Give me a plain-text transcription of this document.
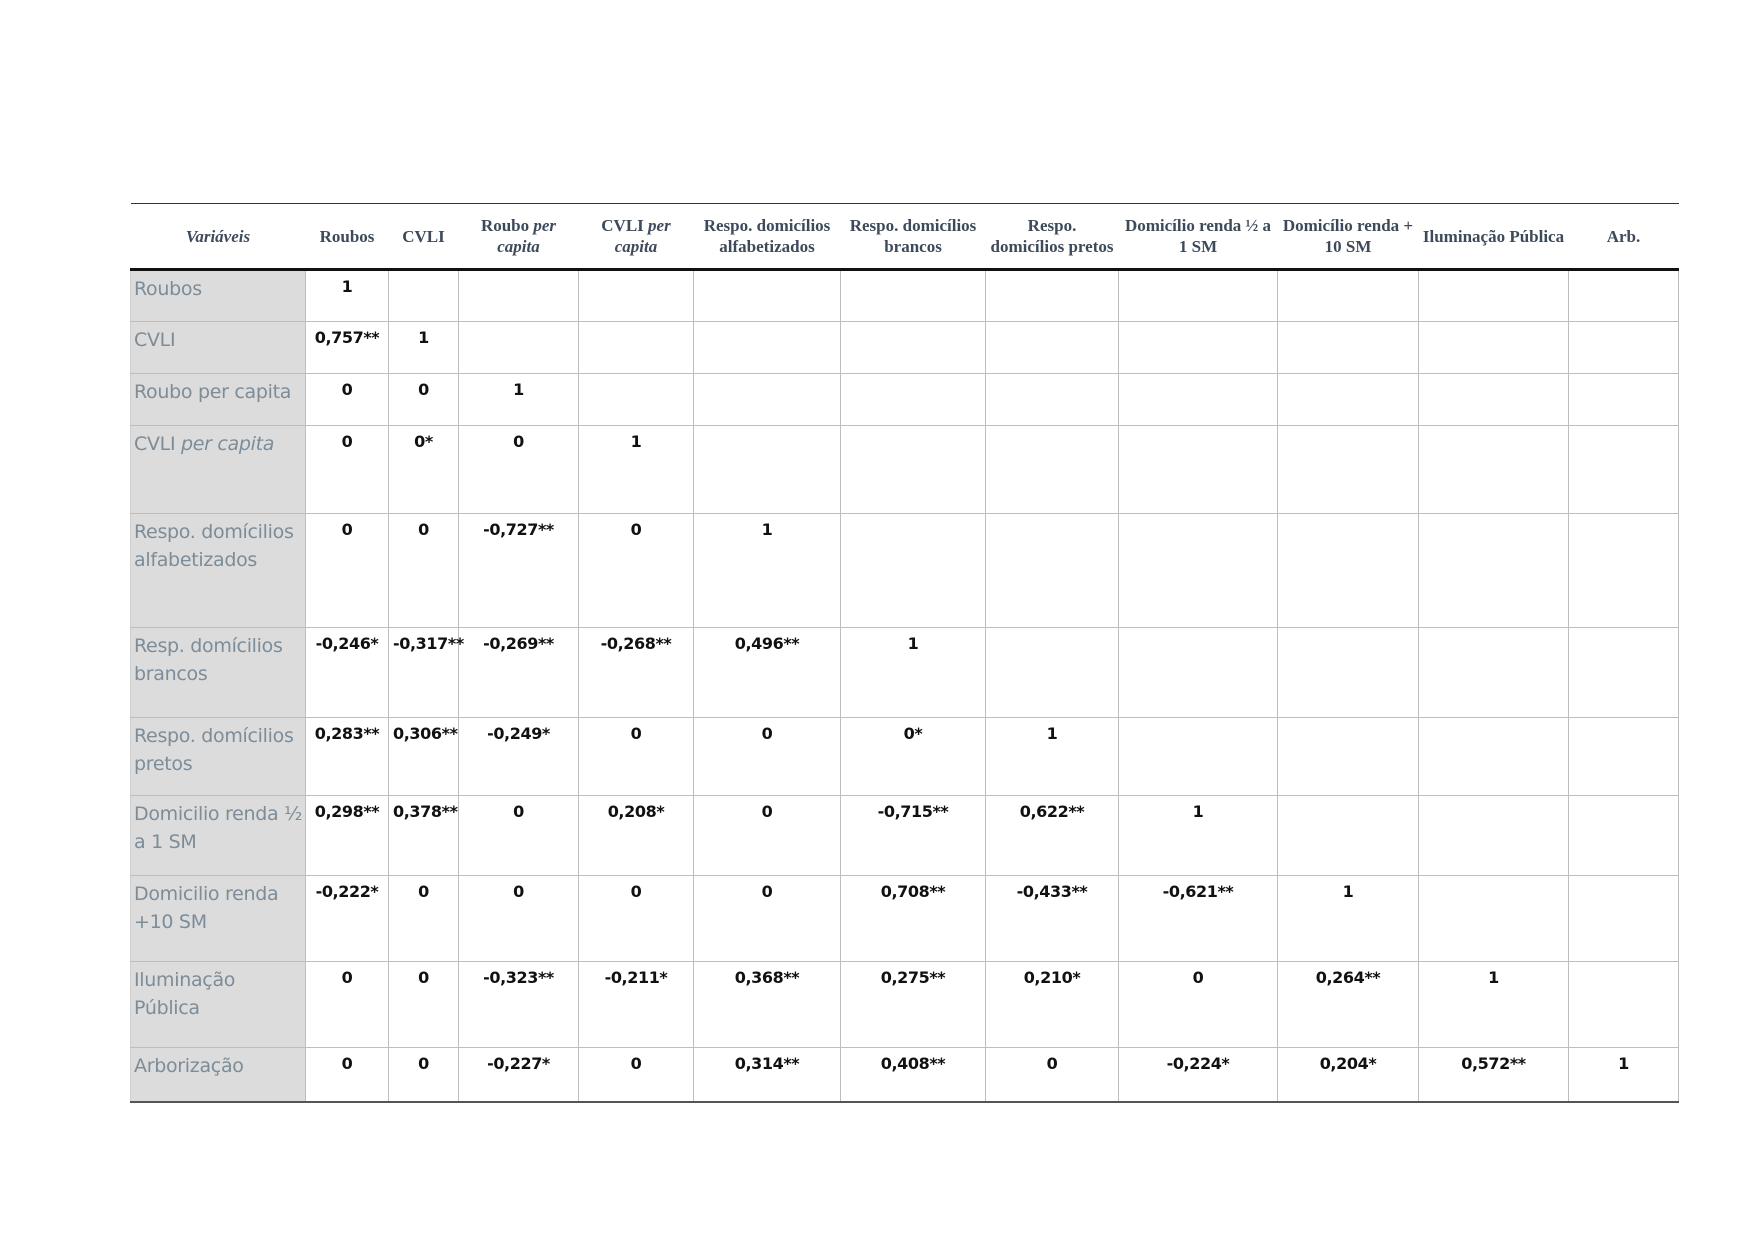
Variáveis	Roubos	CVLI	Roubo per capita	CVLI per capita	Respo. domicílios alfabetizados	Respo. domicílios brancos	Respo. domicílios pretos	Domicílio renda ½ a 1 SM	Domicílio renda + 10 SM	Iluminação Pública	Arb.
Roubos	1										
CVLI	0,757**	1									
Roubo per capita	0	0	1								
CVLI per capita	0	0*	0	1							
Respo. domícilios alfabetizados	0	0	-0,727**	0	1						
Resp. domícilios brancos	-0,246*	-0,317**	-0,269**	-0,268**	0,496**	1					
Respo. domícilios pretos	0,283**	0,306**	-0,249*	0	0	0*	1				
Domicilio renda ½ a 1 SM	0,298**	0,378**	0	0,208*	0	-0,715**	0,622**	1			
Domicilio renda +10 SM	-0,222*	0	0	0	0	0,708**	-0,433**	-0,621**	1		
Iluminação Pública	0	0	-0,323**	-0,211*	0,368**	0,275**	0,210*	0	0,264**	1	
Arborização	0	0	-0,227*	0	0,314**	0,408**	0	-0,224*	0,204*	0,572**	1
